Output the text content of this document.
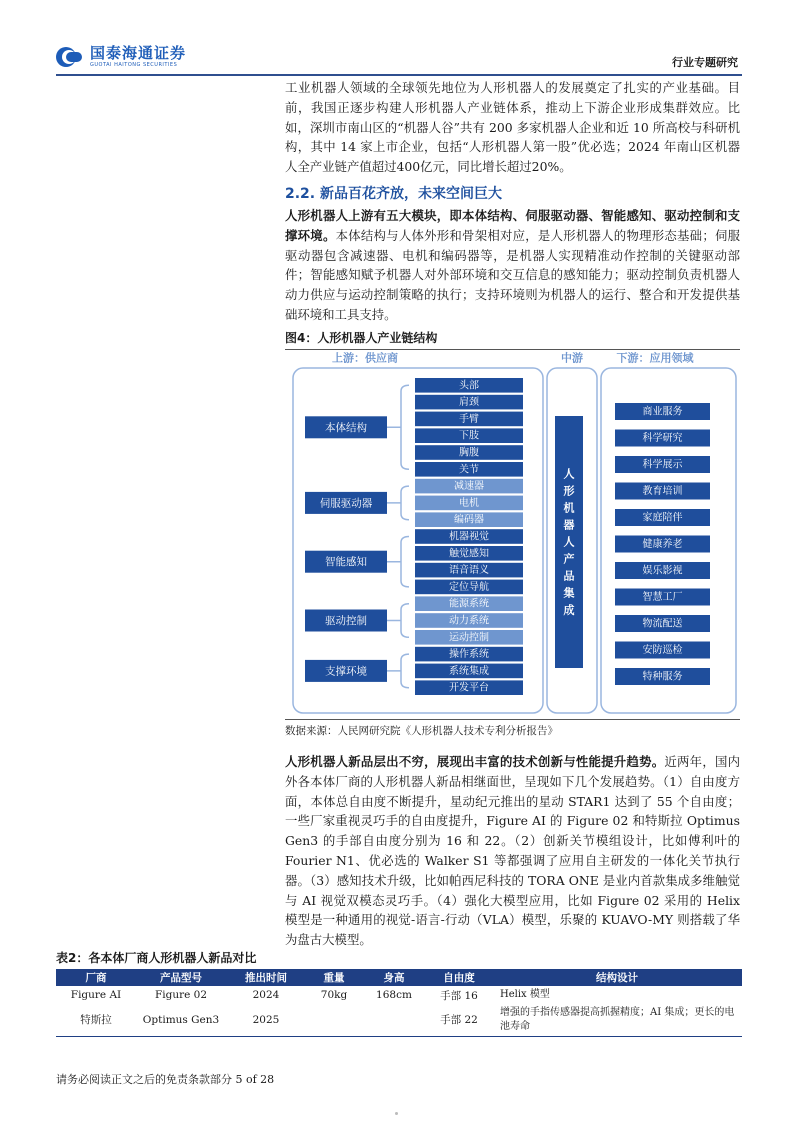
国泰海通证券
GUOTAI HAITONG SECURITIES	行业专题研究
工业机器人领域的全球领先地位为人形机器人的发展奠定了扎实的产业基础。目前，我国正逐步构建人形机器人产业链体系，推动上下游企业形成集群效应。比如，深圳市南山区的“机器人谷”共有 200 多家机器人企业和近 10 所高校与科研机构，其中 14 家上市企业，包括“人形机器人第一股”优必选；2024 年南山区机器人全产业链产值超过400亿元，同比增长超过20%。
2.2. 新品百花齐放，未来空间巨大
人形机器人上游有五大模块，即本体结构、伺服驱动器、智能感知、驱动控制和支撑环境。本体结构与人体外形和骨架相对应，是人形机器人的物理形态基础；伺服驱动器包含减速器、电机和编码器等，是机器人实现精准动作控制的关键驱动部件；智能感知赋予机器人对外部环境和交互信息的感知能力；驱动控制负责机器人动力供应与运动控制策略的执行；支持环境则为机器人的运行、整合和开发提供基础环境和工具支持。
图4：人形机器人产业链结构
上游：供应商	中游	下游：应用领域
头部
肩颈
手臂
下肢
胸腹
关节
本体结构
减速器
电机
编码器
伺服驱动器
机器视觉
触觉感知
语音语义
定位导航
智能感知
能源系统
动力系统
运动控制
驱动控制
操作系统
系统集成
开发平台
支撑环境
人
形
机
器
人
产
品
集
成
商业服务
科学研究
科学展示
教育培训
家庭陪伴
健康养老
娱乐影视
智慧工厂
物流配送
安防巡检
特种服务
数据来源：人民网研究院《人形机器人技术专利分析报告》
人形机器人新品层出不穷，展现出丰富的技术创新与性能提升趋势。近两年，国内外各本体厂商的人形机器人新品相继面世，呈现如下几个发展趋势。（1）自由度方面，本体总自由度不断提升，星动纪元推出的星动 STAR1 达到了 55 个自由度；一些厂家重视灵巧手的自由度提升，Figure AI 的 Figure 02 和特斯拉 Optimus Gen3 的手部自由度分别为 16 和 22。（2）创新关节模组设计，比如傅利叶的 Fourier N1、优必选的 Walker S1 等都强调了应用自主研发的一体化关节执行器。（3）感知技术升级，比如帕西尼科技的 TORA ONE 是业内首款集成多维触觉与 AI 视觉双模态灵巧手。（4）强化大模型应用，比如 Figure 02 采用的 Helix 模型是一种通用的视觉-语言-行动（VLA）模型，乐聚的 KUAVO-MY 则搭载了华为盘古大模型。
表2：各本体厂商人形机器人新品对比
厂商	产品型号	推出时间	重量	身高	自由度	结构设计
Figure AI	Figure 02	2024	70kg	168cm	手部 16	Helix 模型
特斯拉	Optimus Gen3	2025			手部 22	增强的手指传感器提高抓握精度；AI 集成；更长的电池寿命
请务必阅读正文之后的免责条款部分 5 of 28
